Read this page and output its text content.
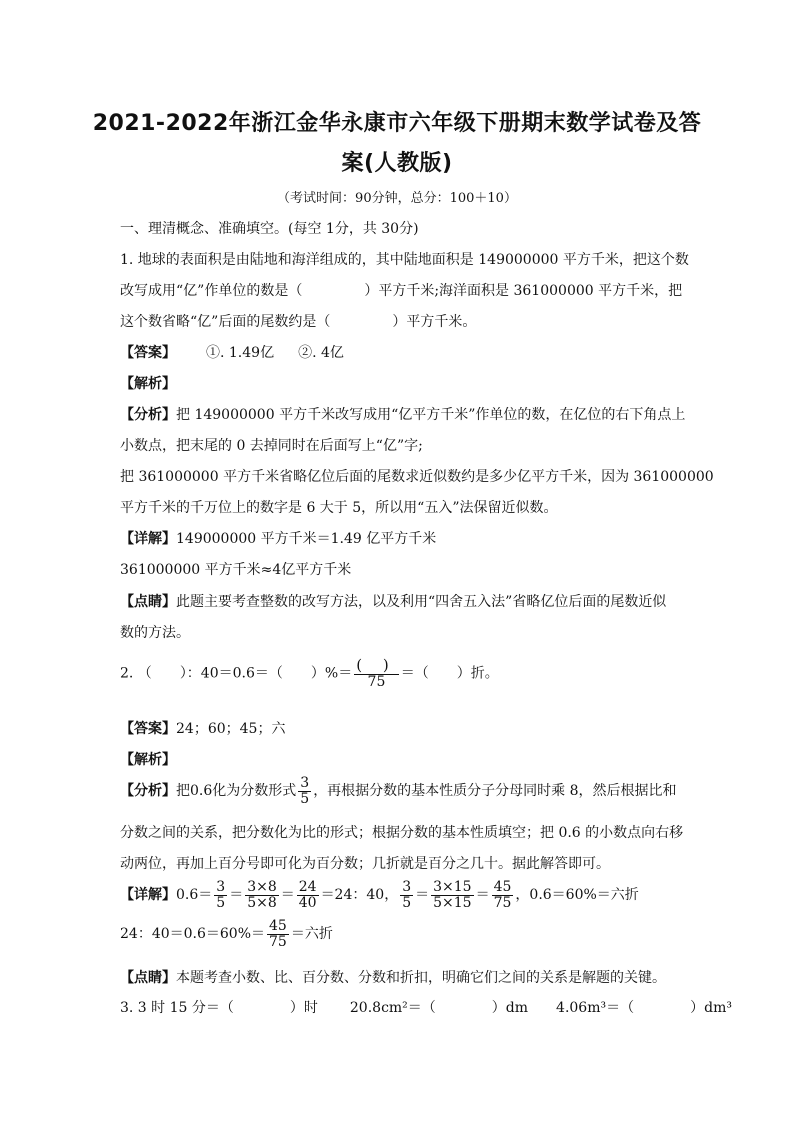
2021-2022年浙江金华永康市六年级下册期末数学试卷及答
案(人教版)
（考试时间：90分钟，总分：100＋10）
一、理清概念、准确填空。(每空 1分，共 30分)
1. 地球的表面积是由陆地和海洋组成的，其中陆地面积是 149000000 平方千米，把这个数
改写成用“亿”作单位的数是（	）平方千米;海洋面积是 361000000 平方千米，把
这个数省略“亿”后面的尾数约是（	）平方千米。
【答案】 ①. 1.49亿 ②. 4亿
【解析】
【分析】把 149000000 平方千米改写成用“亿平方千米”作单位的数，在亿位的右下角点上
小数点，把末尾的 0 去掉同时在后面写上“亿”字;
把 361000000 平方千米省略亿位后面的尾数求近似数约是多少亿平方千米，因为 361000000
平方千米的千万位上的数字是 6 大于 5，所以用“五入”法保留近似数。
【详解】149000000 平方千米＝1.49 亿平方千米
361000000 平方千米≈4亿平方千米
【点睛】此题主要考查整数的改写方法，以及利用“四舍五入法”省略亿位后面的尾数近似
数的方法。
2. （ ）：40＝0.6＝（ ）%＝ $\frac{( )}{75}$ ＝（ ）折。
【答案】24；60；45；六
【解析】
【分析】把0.6化为分数形式 $\frac{3}{5}$ ，再根据分数的基本性质分子分母同时乘 8，然后根据比和
分数之间的关系，把分数化为比的形式；根据分数的基本性质填空；把 0.6 的小数点向右移
动两位，再加上百分号即可化为百分数；几折就是百分之几十。据此解答即可。
【详解】$0.6= \frac{3}{5} = \frac{3\times 8}{5\times 8} = \frac{24}{40} =24$：40， $\frac{3}{5} = \frac{3\times 15}{5\times 15} = \frac{45}{75}$ ，0.6＝60%＝六折
24：$40=0.6=60\%= \frac{45}{75}$ ＝六折
【点睛】本题考查小数、比、百分数、分数和折扣，明确它们之间的关系是解题的关键。
3. 3 时 15 分＝（	）时 20.8cm²＝（	）dm 4.06m³＝（	）dm³
